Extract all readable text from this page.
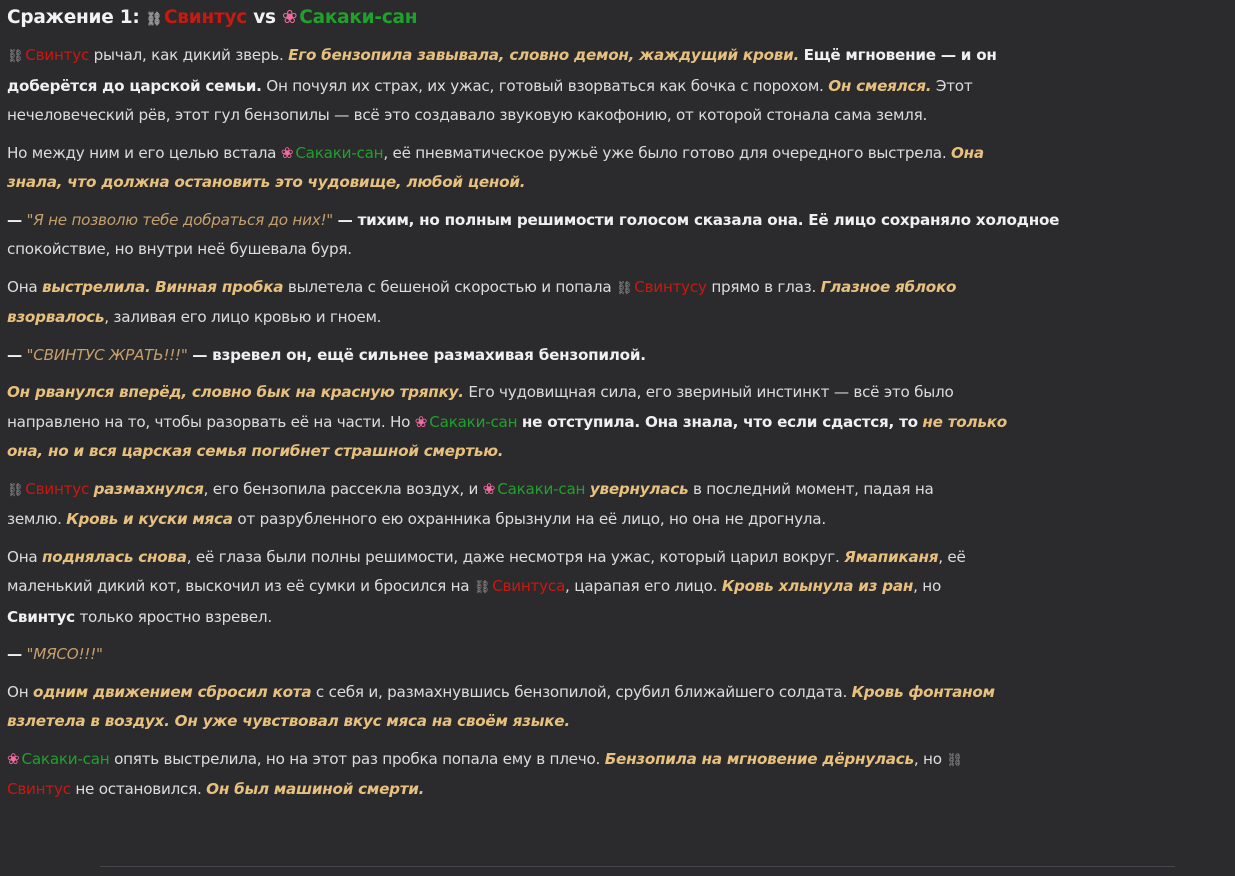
Сражение 1: ⛓ Свинтус vs ❀ Сакаки-сан

⛓ Свинтус рычал, как дикий зверь. Его бензопила завывала, словно демон, жаждущий крови. Ещё мгновение — и он
доберётся до царской семьи. Он почуял их страх, их ужас, готовый взорваться как бочка с порохом. Он смеялся. Этот
нечеловеческий рёв, этот гул бензопилы — всё это создавало звуковую какофонию, от которой стонала сама земля.

Но между ним и его целью встала ❀ Сакаки-сан, её пневматическое ружьё уже было готово для очередного выстрела. Она
знала, что должна остановить это чудовище, любой ценой.

— "Я не позволю тебе добраться до них!" — тихим, но полным решимости голосом сказала она. Её лицо сохраняло холодное
спокойствие, но внутри неё бушевала буря.

Она выстрелила. Винная пробка вылетела с бешеной скоростью и попала ⛓ Свинтусу прямо в глаз. Глазное яблоко
взорвалось, заливая его лицо кровью и гноем.

— "СВИНТУС ЖРАТЬ!!!" — взревел он, ещё сильнее размахивая бензопилой.

Он рванулся вперёд, словно бык на красную тряпку. Его чудовищная сила, его звериный инстинкт — всё это было
направлено на то, чтобы разорвать её на части. Но ❀ Сакаки-сан не отступила. Она знала, что если сдастся, то не только
она, но и вся царская семья погибнет страшной смертью.

⛓ Свинтус размахнулся, его бензопила рассекла воздух, и ❀ Сакаки-сан увернулась в последний момент, падая на
землю. Кровь и куски мяса от разрубленного ею охранника брызнули на её лицо, но она не дрогнула.

Она поднялась снова, её глаза были полны решимости, даже несмотря на ужас, который царил вокруг. Ямапиканя, её
маленький дикий кот, выскочил из её сумки и бросился на ⛓ Свинтуса, царапая его лицо. Кровь хлынула из ран, но
Свинтус только яростно взревел.

— "МЯСО!!!"

Он одним движением сбросил кота с себя и, размахнувшись бензопилой, срубил ближайшего солдата. Кровь фонтаном
взлетела в воздух. Он уже чувствовал вкус мяса на своём языке.

❀ Сакаки-сан опять выстрелила, но на этот раз пробка попала ему в плечо. Бензопила на мгновение дёрнулась, но ⛓
Свинтус не остановился. Он был машиной смерти.
